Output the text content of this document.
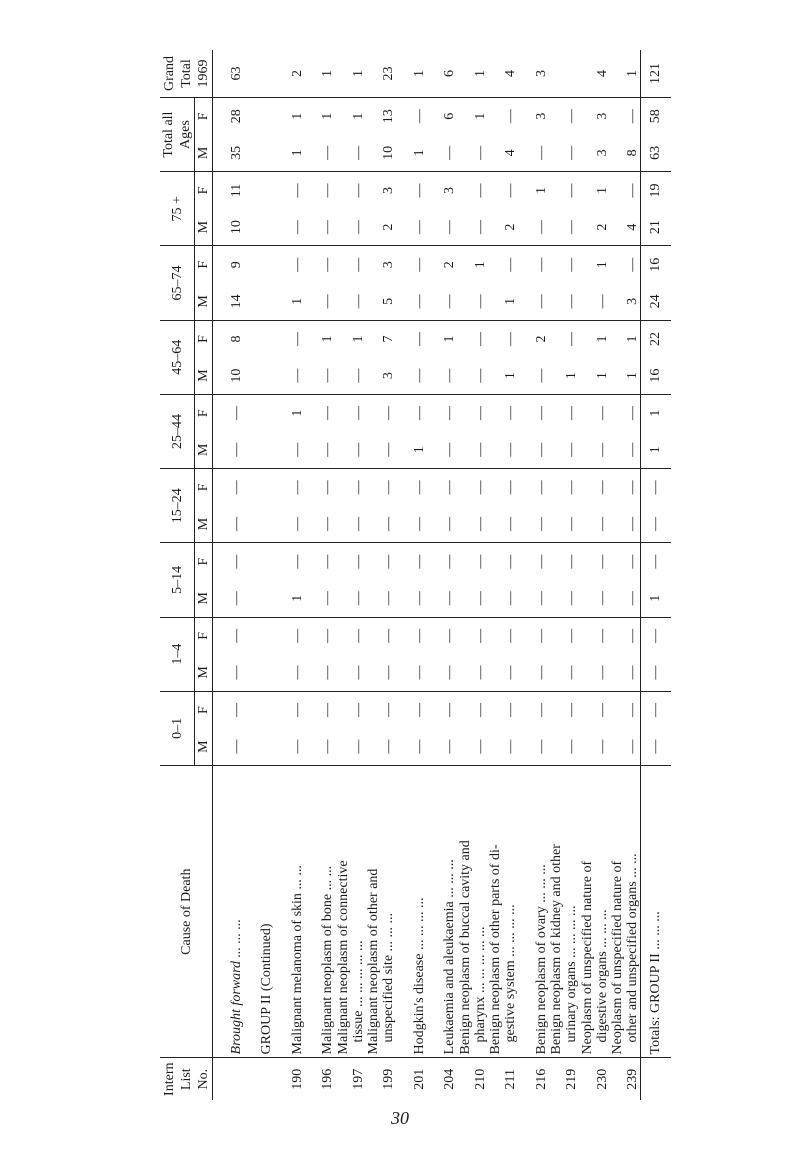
Intern List No.	Cause of Death	0–1		1–4		5–14		15–24		25–44		45–64		65–74		75 +		Total all Ages		Grand Total 1969

		M	F	M	F	M	F	M	F	M	F	M	F	M	F	M	F	M	F	

	Brought forward ... ... ...	—	—	—	—	—	—	—	—	—	—	10	8	14	9	10	11	35	28	63

	GROUP II (Continued)																			

190	Malignant melanoma of skin ... ...	—	—	—	—	1	—	—	—	—	1	—	—	1	—	—	—	1	1	2
196	Malignant neoplasm of bone ... ...	—	—	—	—	—	—	—	—	—	—	—	1	—	—	—	—	—	1	1
197	Malignant neoplasm of connective tissue ... ... ... ... ...	—	—	—	—	—	—	—	—	—	—	—	1	—	—	—	—	—	1	1
199	Malignant neoplasm of other and unspecified site ... ... ...	—	—	—	—	—	—	—	—	—	—	3	7	5	3	2	3	10	13	23
201	Hodgkin's disease ... ... ... ...	—	—	—	—	—	—	—	—	1	—	—	—	—	—	—	—	1	—	1
204	Leukaemia and aleukaemia ... ... ...	—	—	—	—	—	—	—	—	—	—	—	1	—	2	—	3	—	6	6
210	Benign neoplasm of buccal cavity and pharynx ... ... ... ... ...	—	—	—	—	—	—	—	—	—	—	—	—	—	1	—	—	—	1	1
211	Benign neoplasm of other parts of di- gestive system ... ... ... ...	—	—	—	—	—	—	—	—	—	—	1	—	1	—	2	—	4	—	4
216	Benign neoplasm of ovary ... ... ...	—	—	—	—	—	—	—	—	—	—	—	2	—	—	—	1	—	3	3
219	Benign neoplasm of kidney and other urinary organs ... ... ... ...	—	—	—	—	—	—	—	—	—	—	1	—	—	—	—	—	—	—	
230	Neoplasm of unspecified nature of digestive organs ... ... ...	—	—	—	—	—	—	—	—	—	—	1	1	—	1	2	1	3	3	4
239	Neoplasm of unspecified nature of other and unspecified organs ... ...	—	—	—	—	—	—	—	—	—	—	1	1	3	—	4	—	8	—	1
	Totals: GROUP II ... ... ...	—	—	—	—	1	—	—	—	1	1	16	22	24	16	21	19	63	58	121
30
